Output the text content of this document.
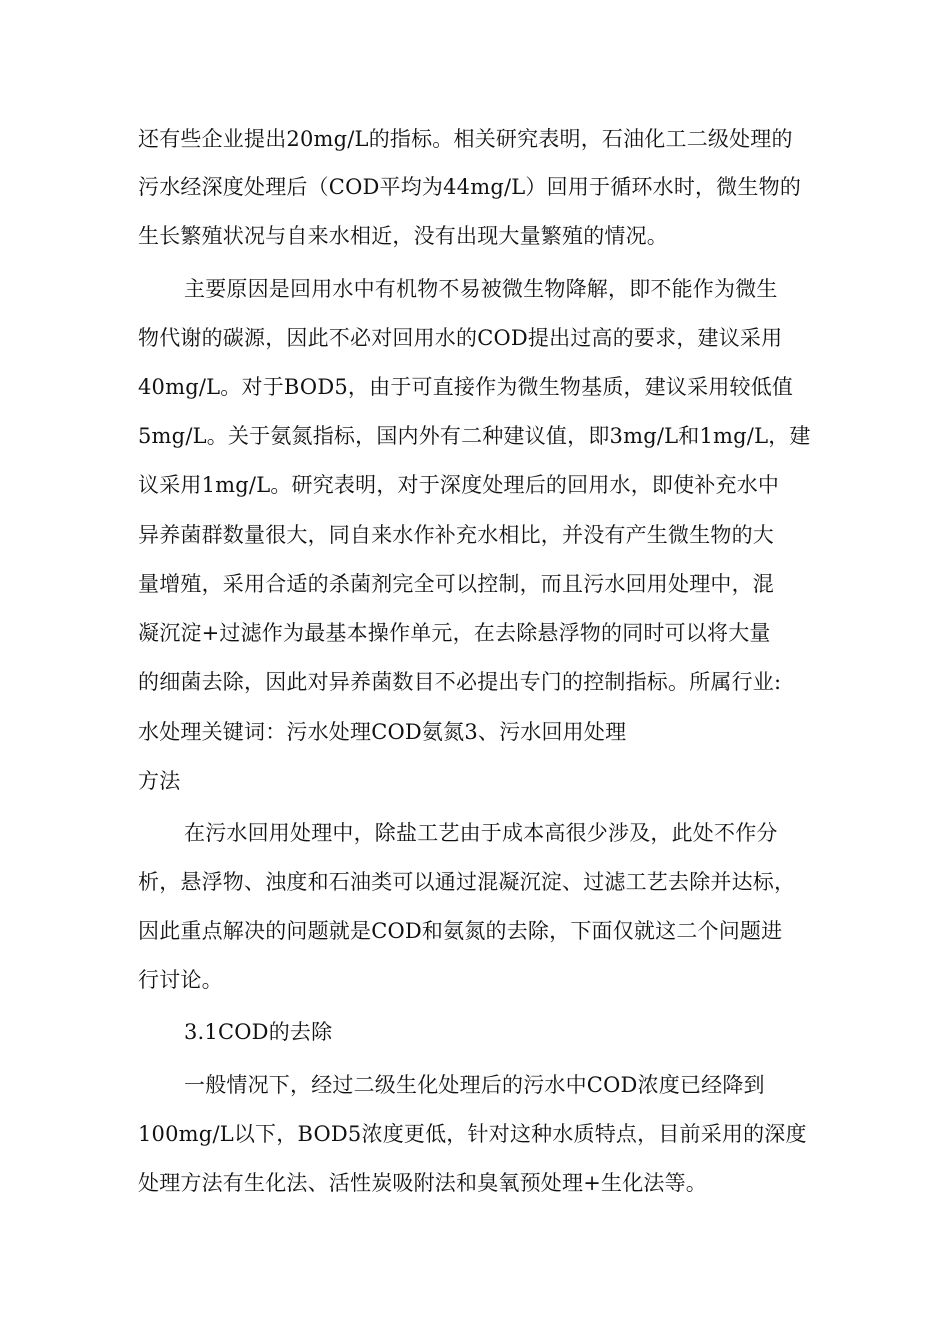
还有些企业提出20mg/L的指标。相关研究表明，石油化工二级处理的
污水经深度处理后（COD平均为44mg/L）回用于循环水时，微生物的
生长繁殖状况与自来水相近，没有出现大量繁殖的情况。
主要原因是回用水中有机物不易被微生物降解，即不能作为微生
物代谢的碳源，因此不必对回用水的COD提出过高的要求，建议采用
40mg/L。对于BOD5，由于可直接作为微生物基质，建议采用较低值
5mg/L。关于氨氮指标，国内外有二种建议值，即3mg/L和1mg/L，建
议采用1mg/L。研究表明，对于深度处理后的回用水，即使补充水中
异养菌群数量很大，同自来水作补充水相比，并没有产生微生物的大
量增殖，采用合适的杀菌剂完全可以控制，而且污水回用处理中，混
凝沉淀+过滤作为最基本操作单元，在去除悬浮物的同时可以将大量
的细菌去除，因此对异养菌数目不必提出专门的控制指标。所属行业:
水处理关键词：污水处理COD氨氮3、污水回用处理
方法
在污水回用处理中，除盐工艺由于成本高很少涉及，此处不作分
析，悬浮物、浊度和石油类可以通过混凝沉淀、过滤工艺去除并达标，
因此重点解决的问题就是COD和氨氮的去除，下面仅就这二个问题进
行讨论。
3.1COD的去除
一般情况下，经过二级生化处理后的污水中COD浓度已经降到
100mg/L以下，BOD5浓度更低，针对这种水质特点，目前采用的深度
处理方法有生化法、活性炭吸附法和臭氧预处理+生化法等。
